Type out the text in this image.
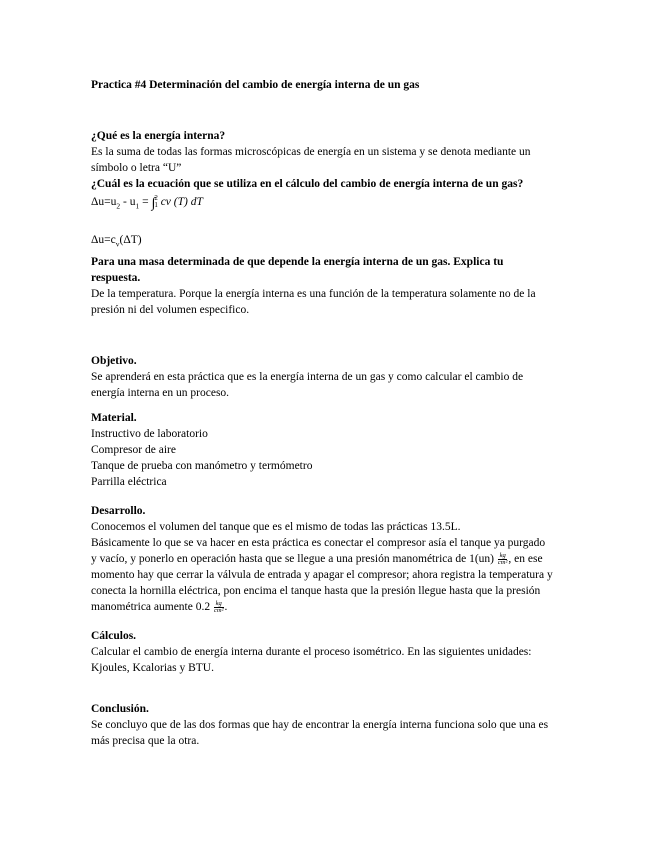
Practica #4 Determinación del cambio de energía interna de un gas

¿Qué es la energía interna?

Es la suma de todas las formas microscópicas de energía en un sistema y se denota mediante un

símbolo o letra “U”

¿Cuál es la ecuación que se utiliza en el cálculo del cambio de energía interna de un gas?

$\Delta u=u_2 - u_1$ = ∫ 2
1 cv (T) dT

$\Delta u=c_v(\Delta T)$

Para una masa determinada de que depende la energía interna de un gas. Explica tu

respuesta.

De la temperatura. Porque la energía interna es una función de la temperatura solamente no de la

presión ni del volumen especifico.

Objetivo.

Se aprenderá en esta práctica que es la energía interna de un gas y como calcular el cambio de

energía interna en un proceso.

Material.

Instructivo de laboratorio

Compresor de aire

Tanque de prueba con manómetro y termómetro

Parrilla eléctrica

Desarrollo.

Conocemos el volumen del tanque que es el mismo de todas las prácticas 13.5L.

Básicamente lo que se va hacer en esta práctica es conectar el compresor asía el tanque ya purgado

y vacío, y ponerlo en operación hasta que se llegue a una presión manométrica de $1(un) \frac{kg}{\text{cm²}}$ , en ese

momento hay que cerrar la válvula de entrada y apagar el compresor; ahora registra la temperatura y

conecta la hornilla eléctrica, pon encima el tanque hasta que la presión llegue hasta que la presión

manométrica aumente $0.2 \frac{kg}{\text{cm²}}$ .

Cálculos.

Calcular el cambio de energía interna durante el proceso isométrico. En las siguientes unidades:

Kjoules, Kcalorias y BTU.

Conclusión.

Se concluyo que de las dos formas que hay de encontrar la energía interna funciona solo que una es

más precisa que la otra.
